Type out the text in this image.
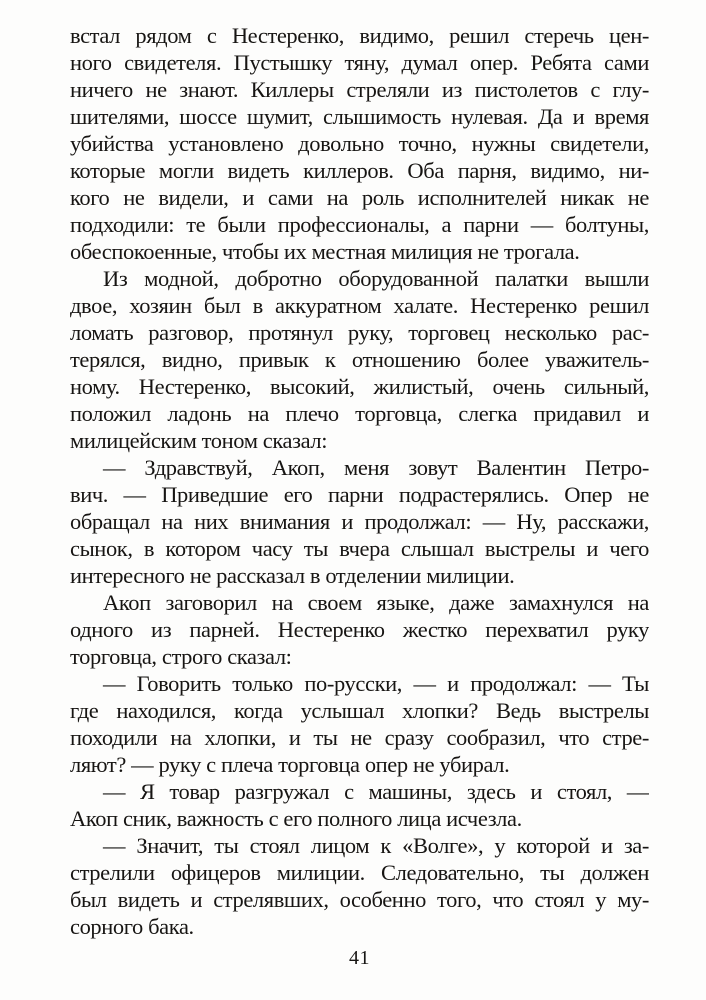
встал рядом с Нестеренко, видимо, решил стеречь цен-
ного свидетеля. Пустышку тяну, думал опер. Ребята сами
ничего не знают. Киллеры стреляли из пистолетов с глу-
шителями, шоссе шумит, слышимость нулевая. Да и время
убийства установлено довольно точно, нужны свидетели,
которые могли видеть киллеров. Оба парня, видимо, ни-
кого не видели, и сами на роль исполнителей никак не
подходили: те были профессионалы, а парни — болтуны,
обеспокоенные, чтобы их местная милиция не трогала.
Из модной, добротно оборудованной палатки вышли
двое, хозяин был в аккуратном халате. Нестеренко решил
ломать разговор, протянул руку, торговец несколько рас-
терялся, видно, привык к отношению более уважитель-
ному. Нестеренко, высокий, жилистый, очень сильный,
положил ладонь на плечо торговца, слегка придавил и
милицейским тоном сказал:
— Здравствуй, Акоп, меня зовут Валентин Петро-
вич. — Приведшие его парни подрастерялись. Опер не
обращал на них внимания и продолжал: — Ну, расскажи,
сынок, в котором часу ты вчера слышал выстрелы и чего
интересного не рассказал в отделении милиции.
Акоп заговорил на своем языке, даже замахнулся на
одного из парней. Нестеренко жестко перехватил руку
торговца, строго сказал:
— Говорить только по-русски, — и продолжал: — Ты
где находился, когда услышал хлопки? Ведь выстрелы
походили на хлопки, и ты не сразу сообразил, что стре-
ляют? — руку с плеча торговца опер не убирал.
— Я товар разгружал с машины, здесь и стоял, —
Акоп сник, важность с его полного лица исчезла.
— Значит, ты стоял лицом к «Волге», у которой и за-
стрелили офицеров милиции. Следовательно, ты должен
был видеть и стрелявших, особенно того, что стоял у му-
сорного бака.
41
